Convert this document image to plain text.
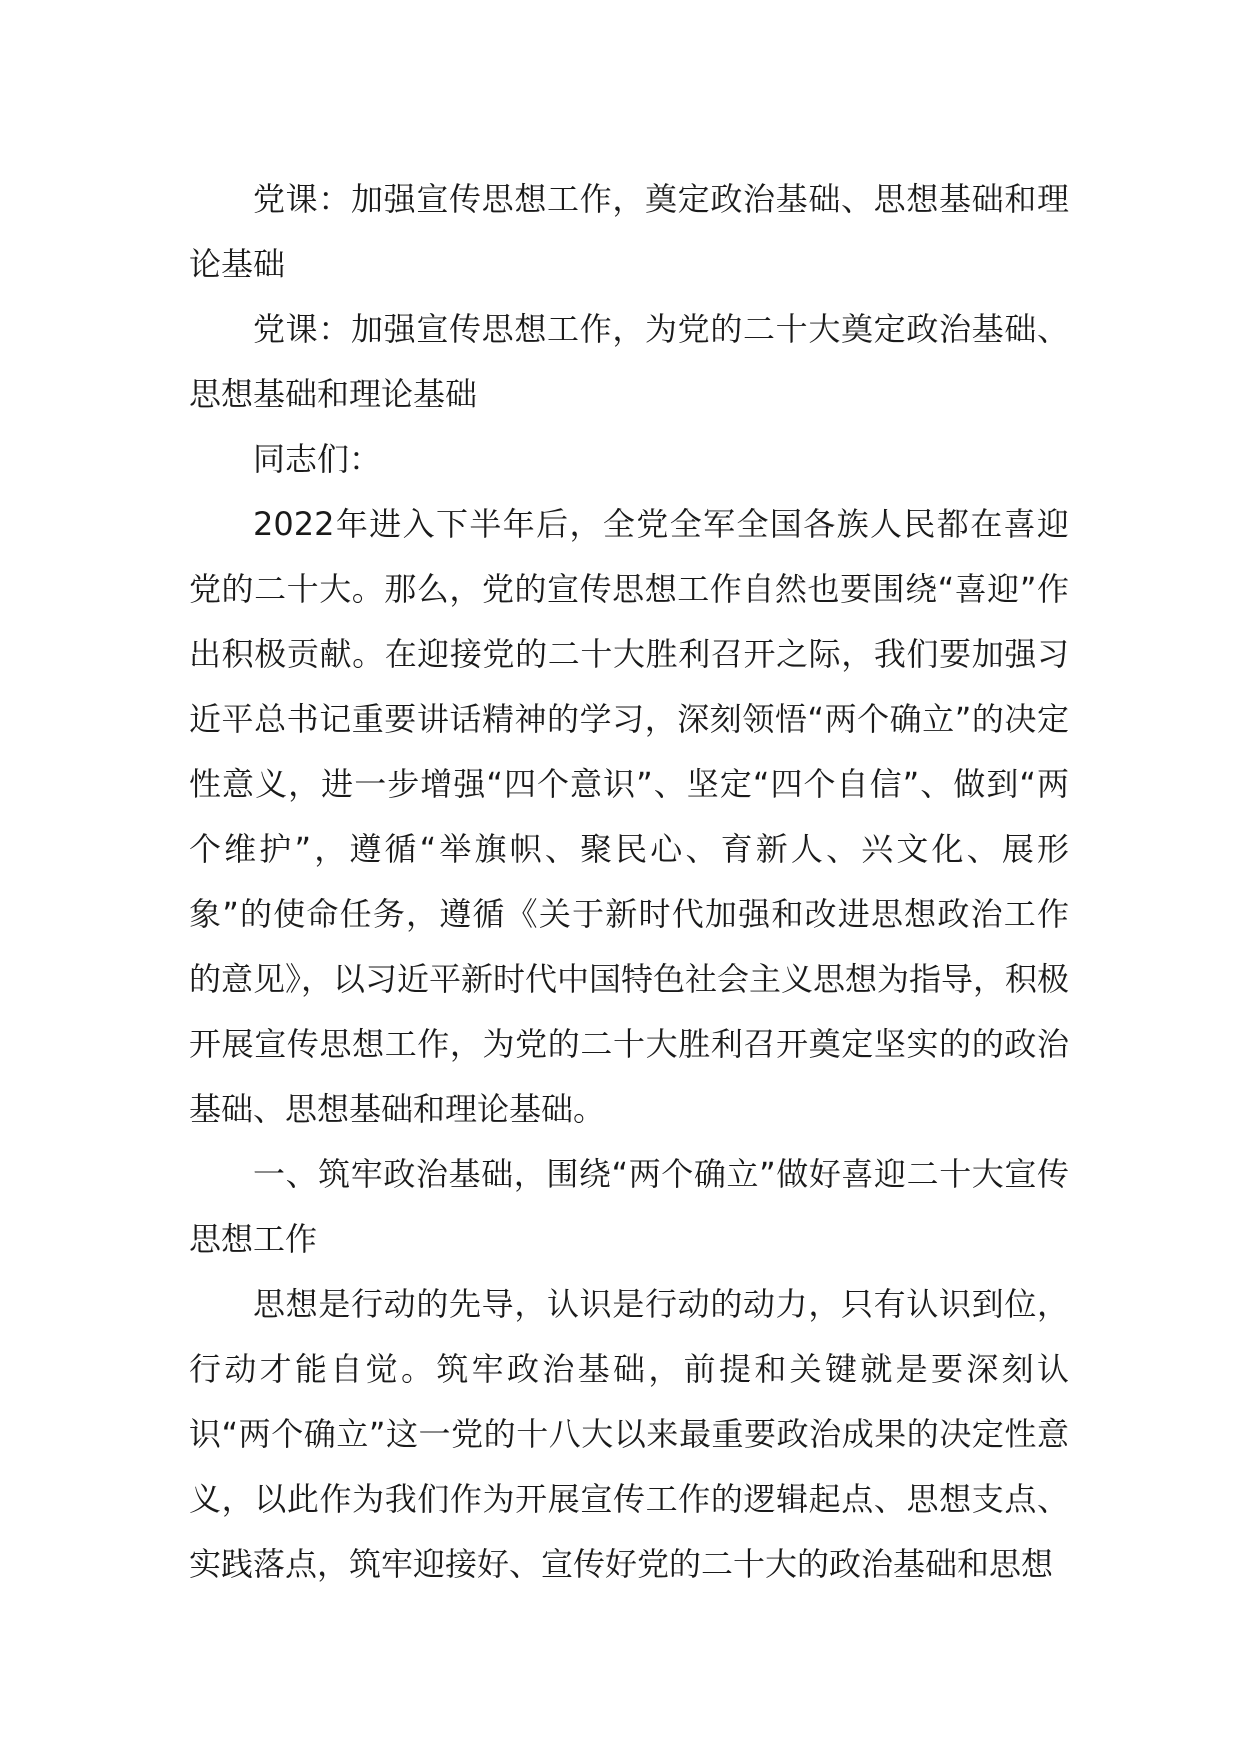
党课：加强宣传思想工作，奠定政治基础、思想基础和理论基础

党课：加强宣传思想工作，为党的二十大奠定政治基础、思想基础和理论基础

同志们：

2022年进入下半年后，全党全军全国各族人民都在喜迎党的二十大。那么，党的宣传思想工作自然也要围绕“喜迎”作出积极贡献。在迎接党的二十大胜利召开之际，我们要加强习近平总书记重要讲话精神的学习，深刻领悟“两个确立”的决定性意义，进一步增强“四个意识”、坚定“四个自信”、做到“两个维护”，遵循“举旗帜、聚民心、育新人、兴文化、展形象”的使命任务，遵循《关于新时代加强和改进思想政治工作的意见》，以习近平新时代中国特色社会主义思想为指导，积极开展宣传思想工作，为党的二十大胜利召开奠定坚实的的政治基础、思想基础和理论基础。

一、筑牢政治基础，围绕“两个确立”做好喜迎二十大宣传思想工作

思想是行动的先导，认识是行动的动力，只有认识到位，行动才能自觉。筑牢政治基础，前提和关键就是要深刻认识“两个确立”这一党的十八大以来最重要政治成果的决定性意义，以此作为我们作为开展宣传工作的逻辑起点、思想支点、实践落点，筑牢迎接好、宣传好党的二十大的政治基础和思想
